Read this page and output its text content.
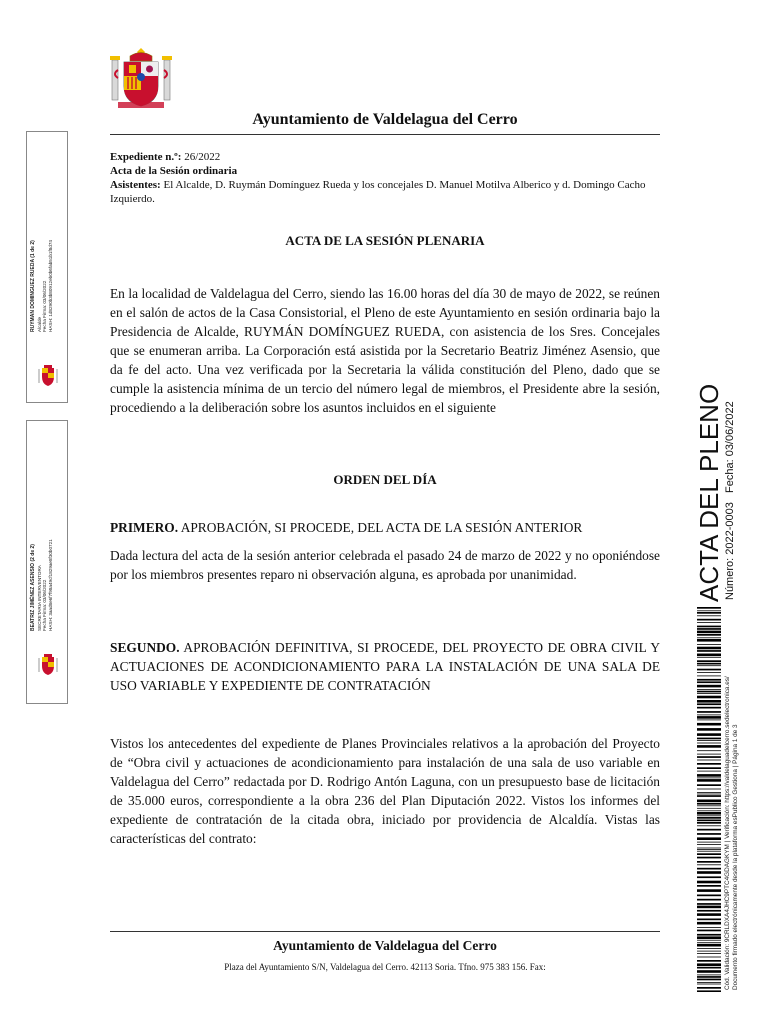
Ayuntamiento de Valdelagua del Cerro
Expediente n.º: 26/2022
Acta de la Sesión ordinaria
Asistentes: El Alcalde, D. Ruymán Domínguez Rueda y los concejales D. Manuel Motilva Alberico y d. Domingo Cacho Izquierdo.
ACTA DE LA SESIÓN PLENARIA
En la localidad de Valdelagua del Cerro, siendo las 16.00 horas del día 30 de mayo de 2022, se reúnen en el salón de actos de la Casa Consistorial, el Pleno de este Ayuntamiento en sesión ordinaria bajo la Presidencia de Alcalde, RUYMÁN DOMÍNGUEZ RUEDA, con asistencia de los Sres. Concejales que se enumeran arriba. La Corporación está asistida por la Secretario Beatriz Jiménez Asensio, que da fe del acto. Una vez verificada por la Secretaria la válida constitución del Pleno, dado que se cumple la asistencia mínima de un tercio del número legal de miembros, el Presidente abre la sesión, procediendo a la deliberación sobre los asuntos incluidos en el siguiente
ORDEN DEL DÍA
PRIMERO. APROBACIÓN, SI PROCEDE, DEL ACTA DE LA SESIÓN ANTERIOR
Dada lectura del acta de la sesión anterior celebrada el pasado 24 de marzo de 2022 y no oponiéndose por los miembros presentes reparo ni observación alguna, es aprobada por unanimidad.
SEGUNDO. APROBACIÓN DEFINITIVA, SI PROCEDE, DEL PROYECTO DE OBRA CIVIL Y ACTUACIONES DE ACONDICIONAMIENTO PARA LA INSTALACIÓN DE UNA SALA DE USO VARIABLE Y EXPEDIENTE DE CONTRATACIÓN
Vistos los antecedentes del expediente de Planes Provinciales relativos a la aprobación del Proyecto de “Obra civil y actuaciones de acondicionamiento para instalación de una sala de uso variable en Valdelagua del Cerro” redactada por D. Rodrigo Antón Laguna, con un presupuesto base de licitación de 35.000 euros, correspondiente a la obra 236 del Plan Diputación 2022. Vistos los informes del expediente de contratación de la citada obra, iniciado por providencia de Alcaldía. Vistas las características del contrato:
Ayuntamiento de Valdelagua del Cerro
Plaza del Ayuntamiento S/N, Valdelagua del Cerro. 42113 Soria. Tfno. 975 383 156. Fax:
RUYMAN DOMINGUEZ RUEDA (1 de 2) Alcalde Fecha Firma: 03/06/2022 HASH: 1d8290b3b80912eb0b6fab51b1f8d74
BEATRIZ JIMÉNEZ ASENSIO (2 de 2) SECRETARIA INTERVENTORA Fecha Firma: 03/06/2022 HASH: 3aad8e6f7f98a49cf1829ae8f30b0721	ACTA DEL PLENO Número: 2022-0003   Fecha: 03/06/2022
Cód. Validación: 9CRLDXA4JHC9PTC4GDAGKYM | Verificación: https://valdelaguadelcerro.sedelectronica.es/ Documento firmado electrónicamente desde la plataforma esPublico Gestiona | Página 1 de 3
